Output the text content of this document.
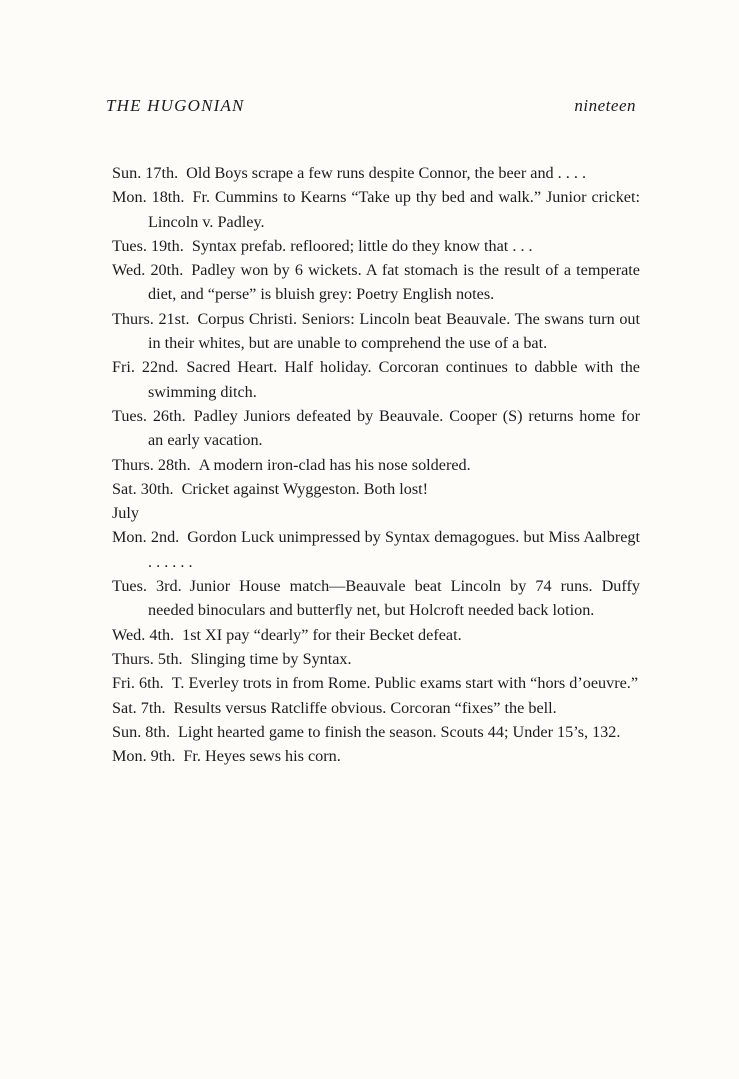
THE HUGONIAN	nineteen

Sun. 17th. Old Boys scrape a few runs despite Connor, the beer and . . . .

Mon. 18th. Fr. Cummins to Kearns “Take up thy bed and walk.” Junior cricket: Lincoln v. Padley.

Tues. 19th. Syntax prefab. refloored; little do they know that . . .

Wed. 20th. Padley won by 6 wickets. A fat stomach is the result of a temperate diet, and “perse” is bluish grey: Poetry English notes.

Thurs. 21st. Corpus Christi. Seniors: Lincoln beat Beauvale. The swans turn out in their whites, but are unable to comprehend the use of a bat.

Fri. 22nd. Sacred Heart. Half holiday. Corcoran continues to dabble with the swimming ditch.

Tues. 26th. Padley Juniors defeated by Beauvale. Cooper (S) returns home for an early vacation.

Thurs. 28th. A modern iron-clad has his nose soldered.

Sat. 30th. Cricket against Wyggeston. Both lost!

July

Mon. 2nd. Gordon Luck unimpressed by Syntax demagogues. but Miss Aalbregt . . . . . .

Tues. 3rd. Junior House match—Beauvale beat Lincoln by 74 runs. Duffy needed binoculars and butterfly net, but Holcroft needed back lotion.

Wed. 4th. 1st XI pay “dearly” for their Becket defeat.

Thurs. 5th. Slinging time by Syntax.

Fri. 6th. T. Everley trots in from Rome. Public exams start with “hors d’oeuvre.”

Sat. 7th. Results versus Ratcliffe obvious. Corcoran “fixes” the bell.

Sun. 8th. Light hearted game to finish the season. Scouts 44; Under 15’s, 132.

Mon. 9th. Fr. Heyes sews his corn.
